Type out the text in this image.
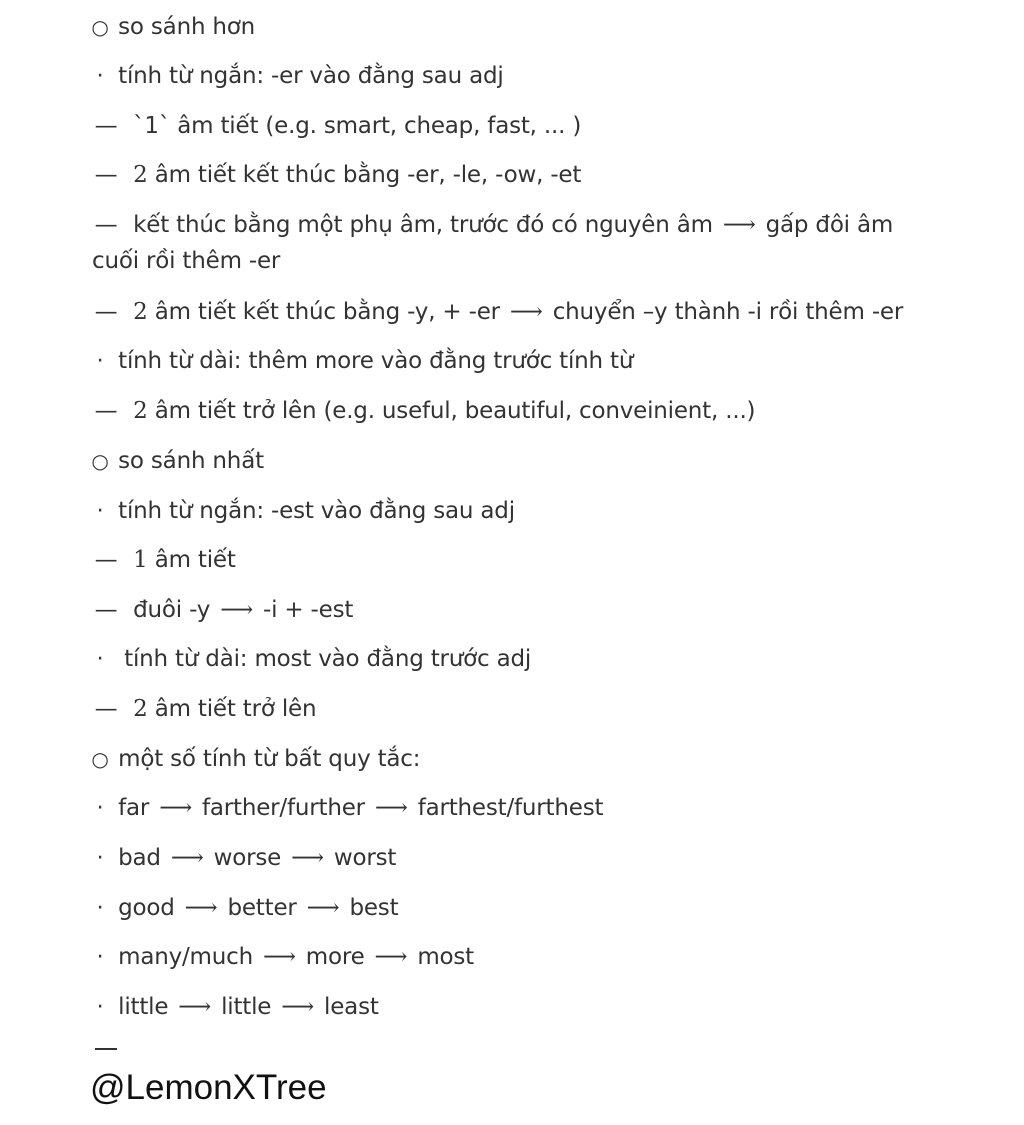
○ so sánh hơn
· tính từ ngắn: -er vào đằng sau adj
— `1` âm tiết (e.g. smart, cheap, fast, ... )
— 2 âm tiết kết thúc bằng -er, -le, -ow, -et
— kết thúc bằng một phụ âm, trước đó có nguyên âm ⟶ gấp đôi âm cuối rồi thêm -er
— 2 âm tiết kết thúc bằng -y, + -er ⟶ chuyển –y thành -i rồi thêm -er
· tính từ dài: thêm more vào đằng trước tính từ
— 2 âm tiết trở lên (e.g. useful, beautiful, conveinient, ...)
○ so sánh nhất
· tính từ ngắn: -est vào đằng sau adj
— 1 âm tiết
— đuôi -y ⟶ -i + -est
· tính từ dài: most vào đằng trước adj
— 2 âm tiết trở lên
○ một số tính từ bất quy tắc:
· far ⟶ farther/further ⟶ farthest/furthest
· bad ⟶ worse ⟶ worst
· good ⟶ better ⟶ best
· many/much ⟶ more ⟶ most
· little ⟶ little ⟶ least
@LemonXTree
